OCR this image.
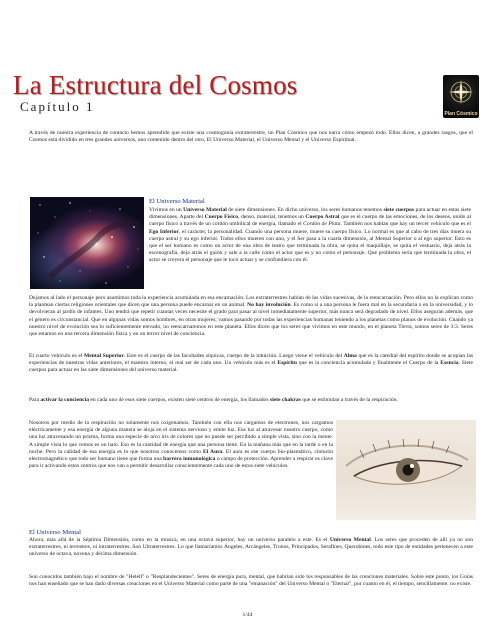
La Estructura del Cosmos
Capítulo 1	Plan Cósmico

A través de nuestra experiencia de contacto hemos aprendido que existe una cosmogonía extraterrestre, un Plan Cósmico que nos narra cómo empezó todo. Ellos dicen, a grandes rasgos, que el Cosmos está dividido en tres grandes universos, uno contenido dentro del otro, El Universo Material, el Universo Mental y el Universo Espiritual.

El Universo Material

Vivimos en un Universo Material de siete dimensiones. En dicho universo, los seres humanos tenemos siete cuerpos para actuar en estas siete dimensiones. Aparte del Cuerpo Físico, denso, material, tenemos un Cuerpo Astral que es el cuerpo de las emociones, de los deseos, unido al cuerpo físico a través de un cordón umbilical de energía, llamado el Cordón de Plata. También nos hablan que hay un tercer vehículo que es el Ego Inferior, el carácter, la personalidad. Cuando una persona muere, muere su cuerpo físico. Lo normal es que al cabo de tres días muera su cuerpo astral y su ego inferior. Todos ellos mueren con uno, y el Ser pasa a la cuarta dimensión, al Mental Superior o al ego superior. Esto es que el ser humano es como un actor de una obra de teatro que terminada la obra, se quita el maquillaje, se quita el vestuario, deja atrás la escenografía, deja atrás el guión y sale a la calle como el actor que es y no como el personaje. Qué problema sería que terminada la obra, el actor se creyera el personaje que le tocó actuar y se confundiera con él.

Dejamos al lado el personaje pero asumimos toda la experiencia acumulada en esa encarnación. Los extraterrestres hablan de las vidas sucesivas, de la reencarnación. Pero ellos no la explican como la plantean ciertas religiones orientales que dicen que una persona puede encarnar en un animal. No hay involución. Es como si a una persona le fuera mal en la secundaria o en la universidad, y lo devolvieran al jardín de infantes. Uno tendrá que repetir cuantas veces necesite el grado para pasar al nivel inmediatamente superior, más nunca será degradado de nivel. Ellos aseguran además, que el género es circunstancial. Que en algunas vidas somos hombres, en otras mujeres; vamos pasando por todas las experiencias humanas teniendo a los planetas como planos de evolución. Cuando ya nuestro nivel de evolución sea lo suficientemente elevado, no reencarnaremos en este planeta. Ellos dicen que los seres que vivimos en este mundo, en el planeta Tierra, somos seres de 3:3. Seres que estamos en una tercera dimensión física y en un tercer nivel de conciencia.

El cuarto vehículo es el Mental Superior. Este es el cuerpo de las facultades síquicas, cuerpo de la intuición. Luego viene el vehículo del Alma que es la catedral del espíritu donde se acopian las experiencias de nuestras vidas anteriores, el maestro interno, el real ser de cada uno. Un vehículo más es el Espíritu que es la conciencia acumulada y finalmente el Cuerpo de la Esencia. Siete cuerpos para actuar en las siete dimensiones del universo material.

Para activar la conciencia en cada uno de esos siete cuerpos, existen siete centros de energía, los llamados siete chakras que se estimulan a través de la respiración.

Nosotros por medio de la respiración no solamente nos oxigenamos. También con ella nos cargamos de electrones, nos cargamos eléctricamente y esa energía de alguna manera se aloja en el sistema nervioso y emite luz. Esa luz al atravesar nuestro cuerpo, como una luz atravesando un prisma, forma una especie de arco iris de colores que no puede ser percibido a simple vista, sino con la mente. A simple vista lo que vemos es un halo. Eso es la cantidad de energía que una persona tiene. En la mañana más que en la tarde o en la noche. Pero la calidad de esa energía es lo que nosotros conocemos como El Aura. El aura es ese cuerpo bio-plasmático, cinturón electromagnético que todo ser humano tiene que forma una barrera inmunológica o campo de protección. Aprender a respirar es clave para ir activando estos centros que nos van a permitir desarrollar conscientemente cada uno de estos siete vehículos.

El Universo Mental

Ahora, más allá de la Séptima Dimensión, como en la música, en una octava superior, hay un universo paralelo a este. Es el Universo Mental. Los seres que proceden de allí ya no son extraterrestres, ni terrestres, ni intraterrestres. Son Ultraterrestres. Lo que llamaríamos Ángeles, Arcángeles, Tronos, Principados, Serafines, Querubines, todo este tipo de entidades pertenecen a este universo de octava, novena y décima dimensión.

Son conocidos también bajo el nombre de "Helell" o "Resplandecientes". Seres de energía pura, mental, que habrían sido los responsables de las creaciones materiales. Sobre este punto, los Guías nos han enseñado que se han dado diversas creaciones en el Universo Material como parte de una "emanación" del Universo Mental o "Eternal", por cuanto en él, el tiempo, sencillamente, no existe.

1/44
